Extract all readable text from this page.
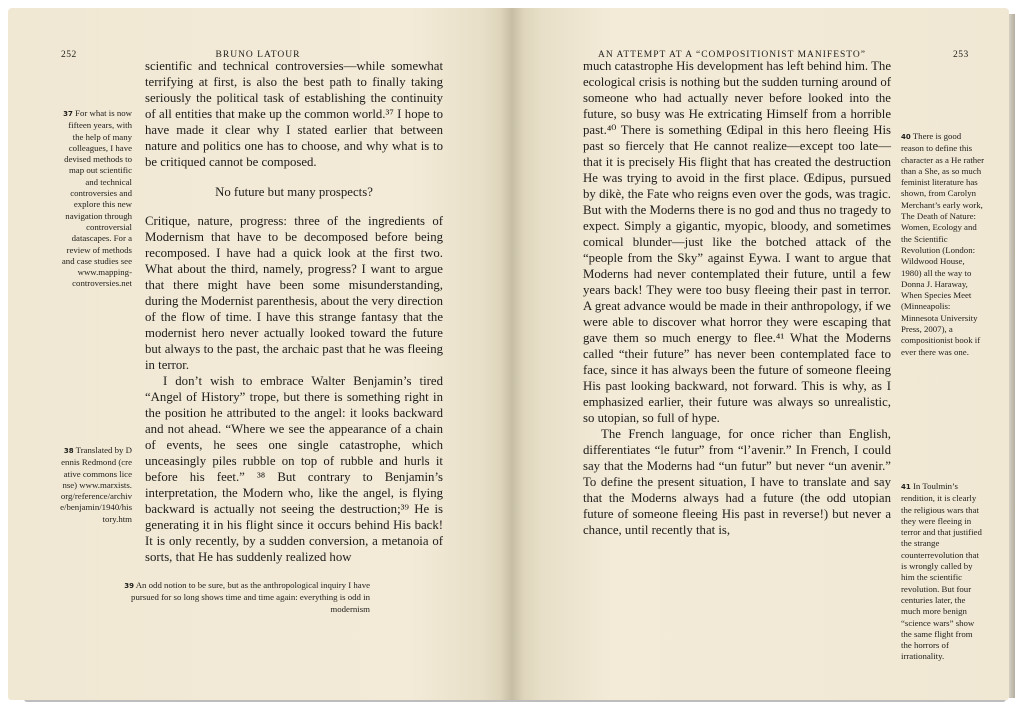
252	BRUNO LATOUR

scientific and technical controversies—while somewhat terrifying at first, is also the best path to finally taking seriously the political task of establishing the continuity of all entities that make up the common world.³⁷ I hope to have made it clear why I stated earlier that between nature and politics one has to choose, and why what is to be critiqued cannot be composed.

No future but many prospects?

Critique, nature, progress: three of the ingredients of Modernism that have to be decomposed before being recomposed. I have had a quick look at the first two. What about the third, namely, progress? I want to argue that there might have been some misunderstanding, during the Modernist parenthesis, about the very direction of the flow of time. I have this strange fantasy that the modernist hero never actually looked toward the future but always to the past, the archaic past that he was fleeing in terror.

I don’t wish to embrace Walter Benjamin’s tired “Angel of History” trope, but there is something right in the position he attributed to the angel: it looks backward and not ahead. “Where we see the appearance of a chain of events, he sees one single catastrophe, which unceasingly piles rubble on top of rubble and hurls it before his feet.” ³⁸ But contrary to Benjamin’s interpretation, the Modern who, like the angel, is flying backward is actually not seeing the destruction;³⁹ He is generating it in his flight since it occurs behind His back! It is only recently, by a sudden conversion, a metanoia of sorts, that He has suddenly realized how

37 For what is now fifteen years, with the help of many colleagues, I have devised methods to map out scientific and technical controversies and explore this new navigation through controversial datascapes. For a review of methods and case studies see www.mapping-controversies.net
38 Translated by Dennis Redmond (creative commons license) www.marxists.org/reference/archive/benjamin/1940/history.htm
39 An odd notion to be sure, but as the anthropological inquiry I have pursued for so long shows time and time again: everything is odd in modernism
AN ATTEMPT AT A “COMPOSITIONIST MANIFESTO”	253

much catastrophe His development has left behind him. The ecological crisis is nothing but the sudden turning around of someone who had actually never before looked into the future, so busy was He extricating Himself from a horrible past.⁴⁰ There is something Œdipal in this hero fleeing His past so fiercely that He cannot realize—except too late—that it is precisely His flight that has created the destruction He was trying to avoid in the first place. Œdipus, pursued by dikè, the Fate who reigns even over the gods, was tragic. But with the Moderns there is no god and thus no tragedy to expect. Simply a gigantic, myopic, bloody, and sometimes comical blunder—just like the botched attack of the “people from the Sky” against Eywa. I want to argue that Moderns had never contemplated their future, until a few years back! They were too busy fleeing their past in terror. A great advance would be made in their anthropology, if we were able to discover what horror they were escaping that gave them so much energy to flee.⁴¹ What the Moderns called “their future” has never been contemplated face to face, since it has always been the future of someone fleeing His past looking backward, not forward. This is why, as I emphasized earlier, their future was always so unrealistic, so utopian, so full of hype.

The French language, for once richer than English, differentiates “le futur” from “l’avenir.” In French, I could say that the Moderns had “un futur” but never “un avenir.” To define the present situation, I have to translate and say that the Moderns always had a future (the odd utopian future of someone fleeing His past in reverse!) but never a chance, until recently that is,

40 There is good reason to define this character as a He rather than a She, as so much feminist literature has shown, from Carolyn Merchant’s early work, The Death of Nature: Women, Ecology and the Scientific Revolution (London: Wildwood House, 1980) all the way to Donna J. Haraway, When Species Meet (Minneapolis: Minnesota University Press, 2007), a compositionist book if ever there was one.
41 In Toulmin’s rendition, it is clearly the religious wars that they were fleeing in terror and that justified the strange counterrevolution that is wrongly called by him the scientific revolution. But four centuries later, the much more benign “science wars” show the same flight from the horrors of irrationality.
